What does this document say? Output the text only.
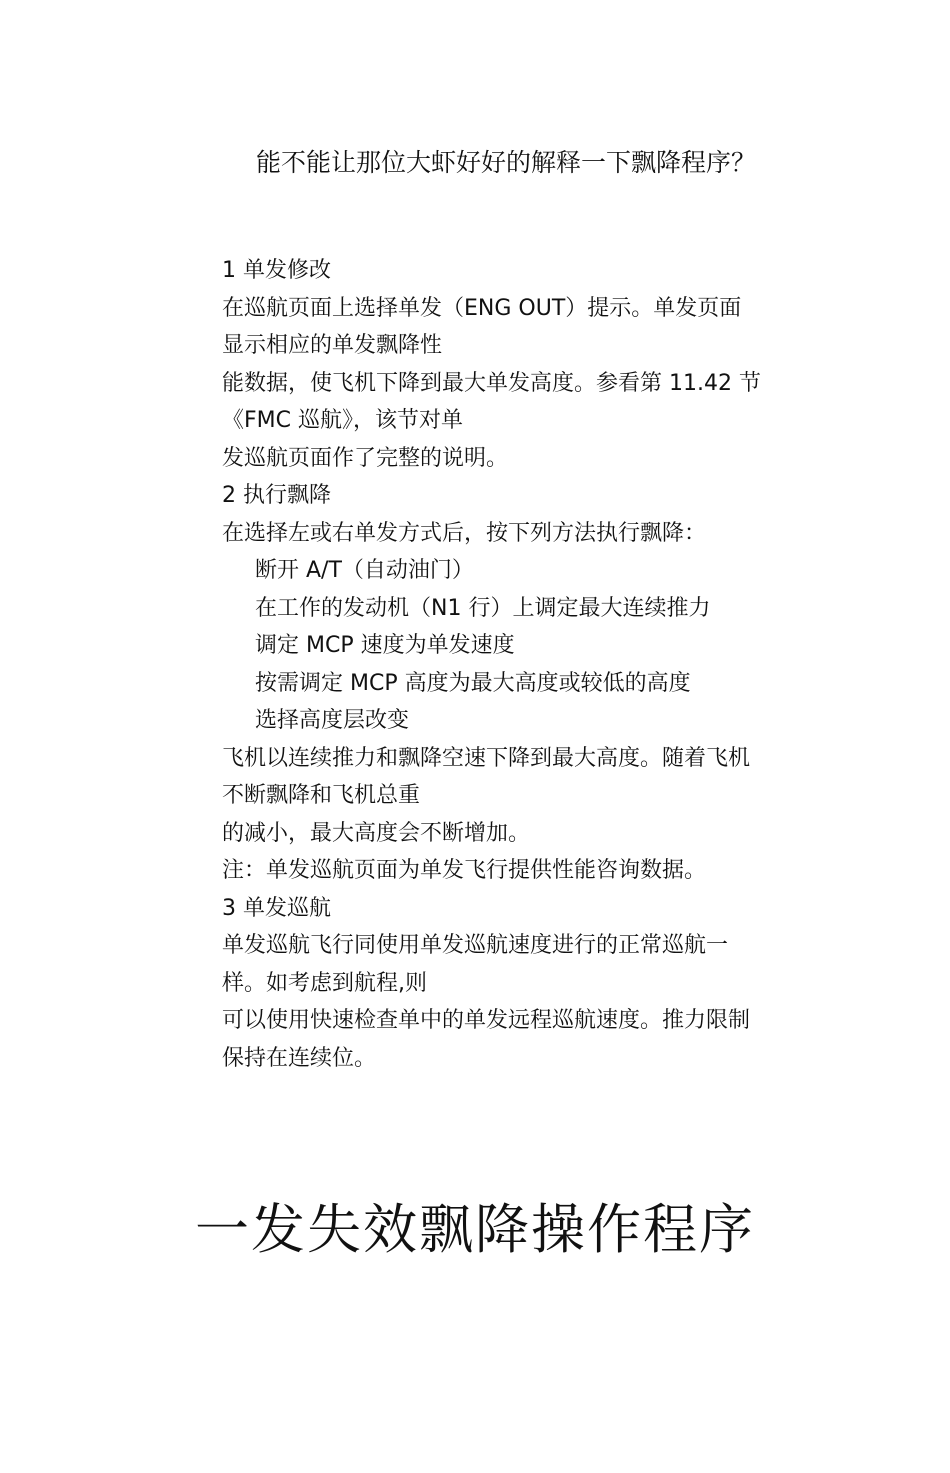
能不能让那位大虾好好的解释一下飘降程序？
1 单发修改
在巡航页面上选择单发（ENG OUT）提示。单发页面
显示相应的单发飘降性
能数据，使飞机下降到最大单发高度。参看第 11.42 节
《FMC 巡航》，该节对单
发巡航页面作了完整的说明。
2 执行飘降
在选择左或右单发方式后，按下列方法执行飘降：
断开 A/T（自动油门）
在工作的发动机（N1 行）上调定最大连续推力
调定 MCP 速度为单发速度
按需调定 MCP 高度为最大高度或较低的高度
选择高度层改变
飞机以连续推力和飘降空速下降到最大高度。随着飞机
不断飘降和飞机总重
的减小，最大高度会不断增加。
注：单发巡航页面为单发飞行提供性能咨询数据。
3 单发巡航
单发巡航飞行同使用单发巡航速度进行的正常巡航一
样。如考虑到航程,则
可以使用快速检查单中的单发远程巡航速度。推力限制
保持在连续位。
一发失效飘降操作程序
